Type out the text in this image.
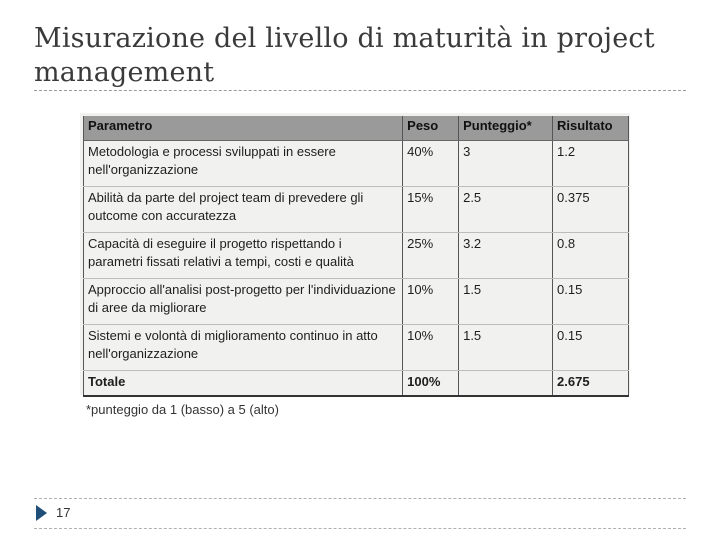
Misurazione del livello di maturità in project management
Parametro	Peso	Punteggio*	Risultato
Metodologia e processi sviluppati in essere nell'organizzazione	40%	3	1.2
Abilità da parte del project team di prevedere gli outcome con accuratezza	15%	2.5	0.375
Capacità di eseguire il progetto rispettando i parametri fissati relativi a tempi, costi e qualità	25%	3.2	0.8
Approccio all'analisi post-progetto per l'individuazione di aree da migliorare	10%	1.5	0.15
Sistemi e volontà di miglioramento continuo in atto nell'organizzazione	10%	1.5	0.15
Totale	100%		2.675
*punteggio da 1 (basso) a 5 (alto)
17
